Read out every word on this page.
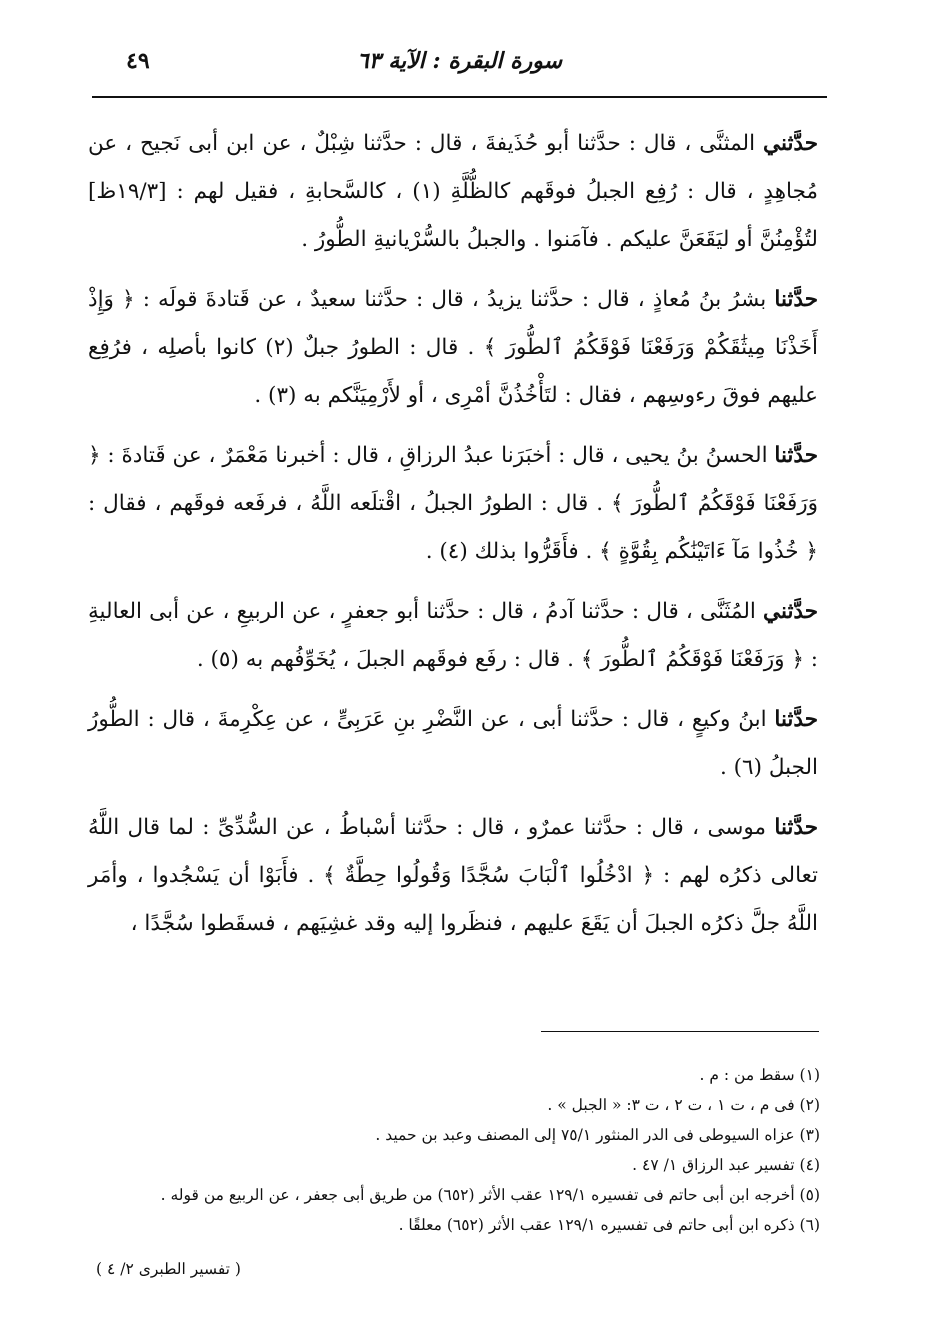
٤٩	سورة البقرة : الآية ٦٣

حدَّثني المثنَّى ، قال : حدَّثنا أبو حُذَيفةَ ، قال : حدَّثنا شِبْلٌ ، عن ابن أبى نَجيح ، عن مُجاهِدٍ ، قال : رُفِع الجبلُ فوقَهم كالظُّلَّةِ (١) ، كالسَّحابةِ ، فقيل لهم : [١٩/٣ظ] لتُؤْمِنُنَّ أو ليَقَعَنَّ عليكم . فآمَنوا . والجبلُ بالسُّرْيانيةِ الطُّورُ .

حدَّثنا بشرُ بنُ مُعاذٍ ، قال : حدَّثنا يزيدُ ، قال : حدَّثنا سعيدٌ ، عن قَتادةَ قولَه : ﴿ وَإِذْ أَخَذْنَا مِيثَٰقَكُمْ وَرَفَعْنَا فَوْقَكُمُ ٱلطُّورَ ﴾ . قال : الطورُ جبلٌ (٢) كانوا بأصلِه ، فرُفِع عليهم فوقَ رءوسِهم ، فقال : لتَأْخُذُنَّ أمْرِى ، أو لأَرْمِيَنَّكم به (٣) .

حدَّثنا الحسنُ بنُ يحيى ، قال : أخبَرَنا عبدُ الرزاقِ ، قال : أخبرنا مَعْمَرٌ ، عن قَتادةَ : ﴿ وَرَفَعْنَا فَوْقَكُمُ ٱلطُّورَ ﴾ . قال : الطورُ الجبلُ ، اقْتلَعه اللَّهُ ، فرفَعه فوقَهم ، فقال : ﴿ خُذُوا مَآ ءَاتَيْنَٰكُم بِقُوَّةٍ ﴾ . فأَقَرُّوا بذلك (٤) .

حدَّثني المُثَنَّى ، قال : حدَّثنا آدمُ ، قال : حدَّثنا أبو جعفرٍ ، عن الربيعِ ، عن أبى العاليةِ : ﴿ وَرَفَعْنَا فَوْقَكُمُ ٱلطُّورَ ﴾ . قال : رفَع فوقَهم الجبلَ ، يُخَوِّفُهم به (٥) .

حدَّثنا ابنُ وكيعٍ ، قال : حدَّثنا أبى ، عن النَّضْرِ بنِ عَرَبِىٍّ ، عن عِكْرِمةَ ، قال : الطُّورُ الجبلُ (٦) .

حدَّثنا موسى ، قال : حدَّثنا عمرٌو ، قال : حدَّثنا أسْباطُ ، عن السُّدِّىِّ : لما قال اللَّهُ تعالى ذكرُه لهم : ﴿ ادْخُلُوا ٱلْبَابَ سُجَّدًا وَقُولُوا حِطَّةٌ ﴾ . فأَبَوْا أن يَسْجُدوا ، وأمَر اللَّهُ جلَّ ذكرُه الجبلَ أن يَقَعَ عليهم ، فنظَروا إليه وقد غشِيَهم ، فسقَطوا سُجَّدًا ،

(١) سقط من : م .
(٢) فى م ، ت ١ ، ت ٢ ، ت ٣: « الجبل » .
(٣) عزاه السيوطى فى الدر المنثور ٧٥/١ إلى المصنف وعبد بن حميد .
(٤) تفسير عبد الرزاق ١/ ٤٧ .
(٥) أخرجه ابن أبى حاتم فى تفسيره ١٢٩/١ عقب الأثر (٦٥٢) من طريق أبى جعفر ، عن الربيع من قوله .
(٦) ذكره ابن أبى حاتم فى تفسيره ١٢٩/١ عقب الأثر (٦٥٢) معلقًا .
( تفسير الطبرى ٢/ ٤ )
